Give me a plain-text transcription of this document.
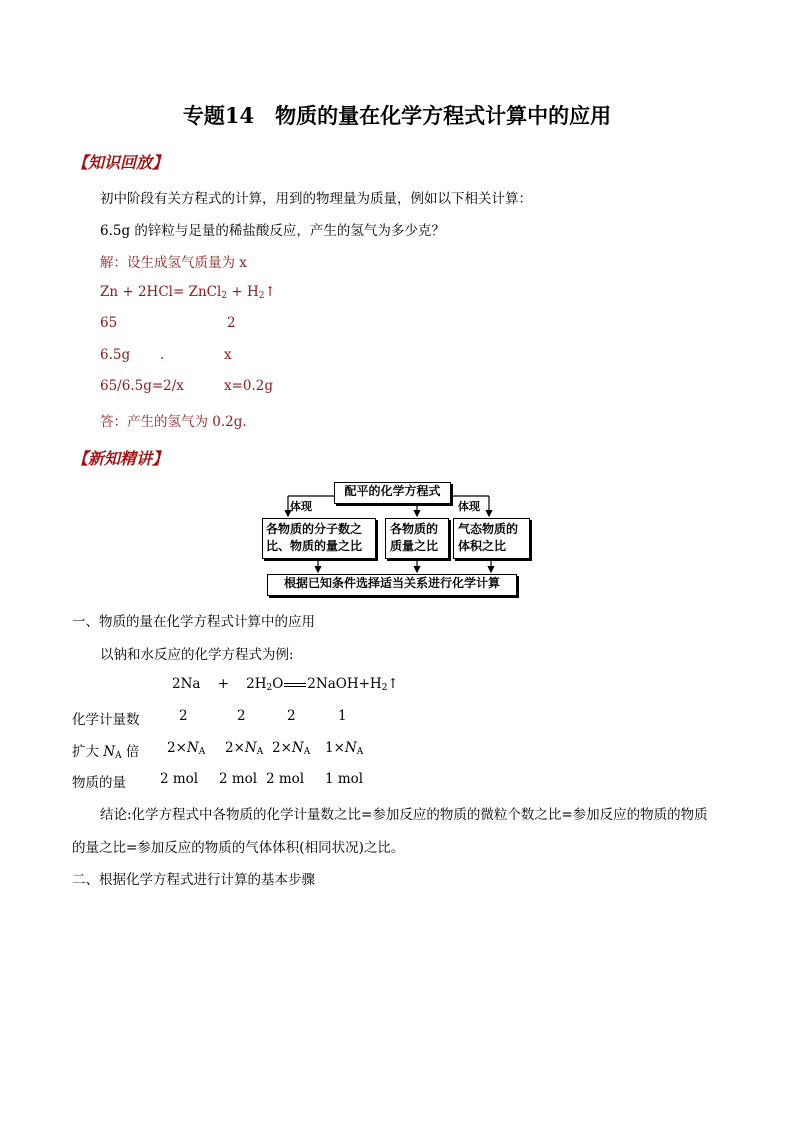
专题14　物质的量在化学方程式计算中的应用
【知识回放】
初中阶段有关方程式的计算，用到的物理量为质量，例如以下相关计算：
6.5g 的锌粒与足量的稀盐酸反应，产生的氢气为多少克？
解：设生成氢气质量为 x
Zn + 2HCl= ZnCl$_2$ + $H_2↑$
65	2
6.5g .	x
65/6.5g=2/x	x=0.2g
答：产生的氢气为 0.2g.
【新知精讲】
配平的化学方程式
体现	体现
各物质的分子数之
比、物质的量之比
各物质的
质量之比
气态物质的
体积之比
根据已知条件选择适当关系进行化学计算
一、物质的量在化学方程式计算中的应用
以钠和水反应的化学方程式为例:
$2Na + 2H_2O$ $2NaOH+H_2↑$
化学计量数	2	2	2	1
扩大 $N_A$ 倍 $2\times N_A$ $2\times N_A$ $2\times N_A$ $1\times N_A$
物质的量	2 mol 2 mol 2 mol 1 mol
结论:化学方程式中各物质的化学计量数之比=参加反应的物质的微粒个数之比=参加反应的物质的物质
的量之比=参加反应的物质的气体体积(相同状况)之比。
二、根据化学方程式进行计算的基本步骤
